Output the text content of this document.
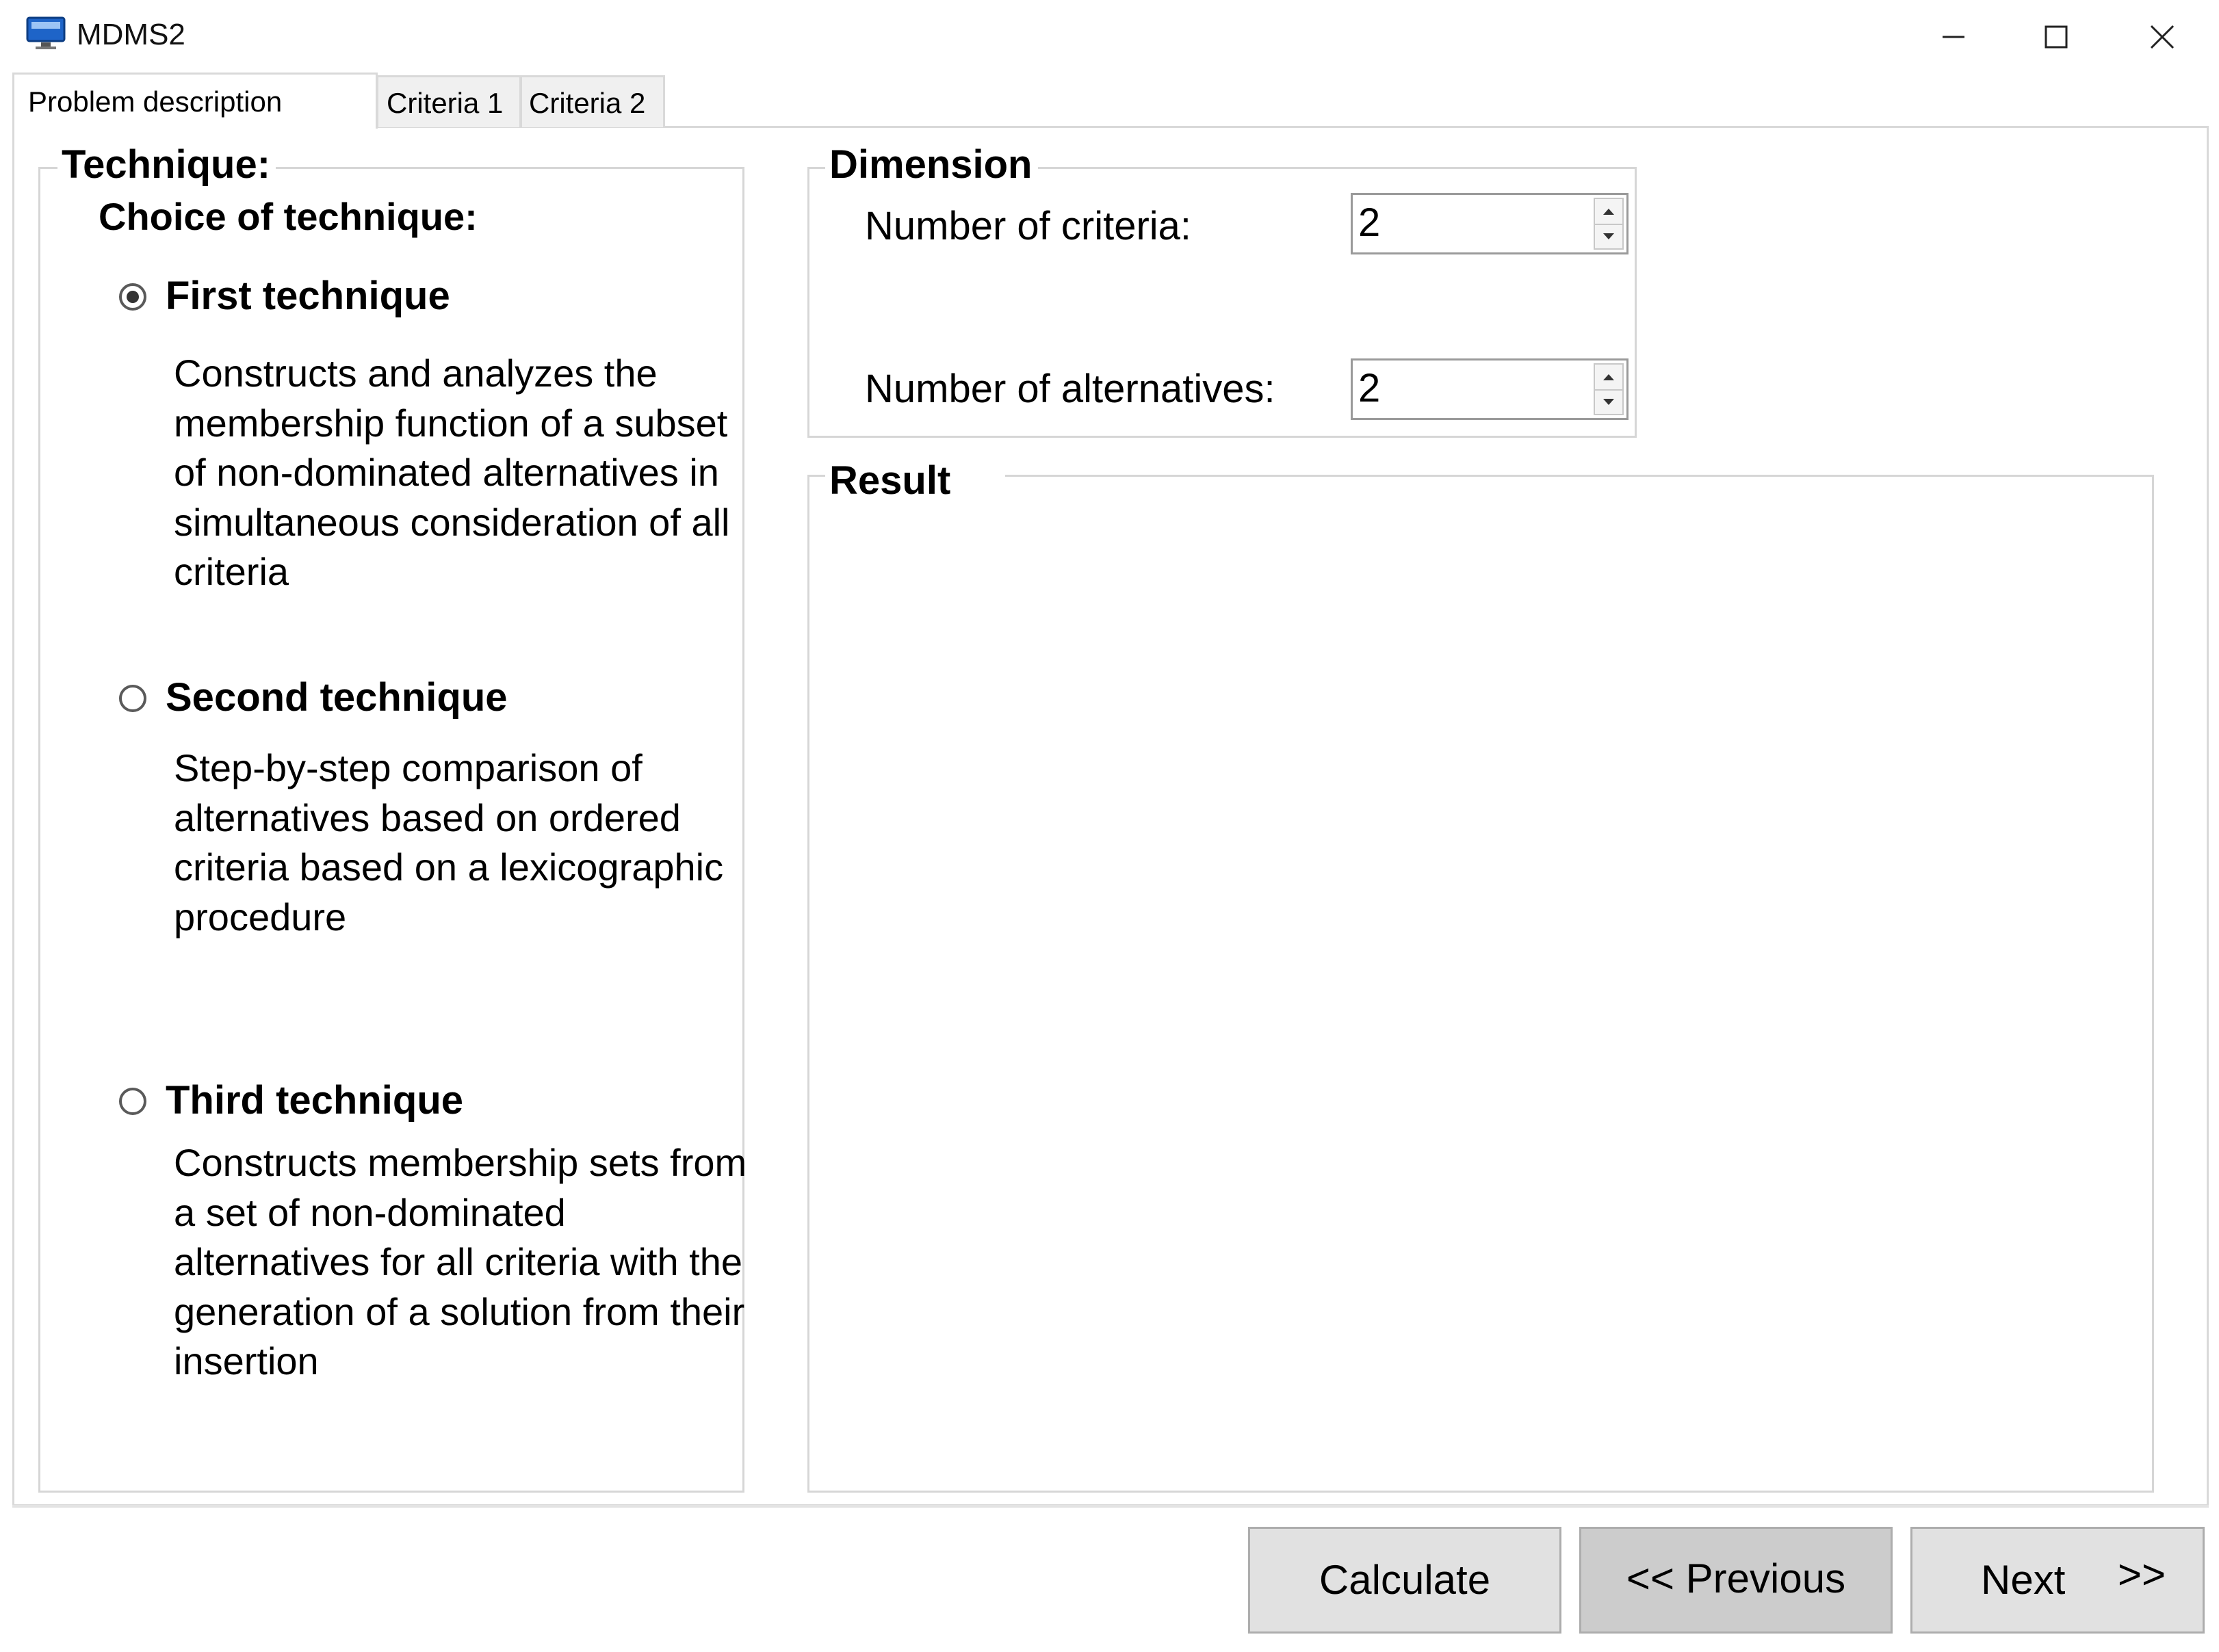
MDMS2
Problem description	Criteria 1 Criteria 2
Technique:
Choice of technique:
First technique
Constructs and analyzes the membership function of a subset of non-dominated alternatives in simultaneous consideration of all criteria
Second technique
Step-by-step comparison of alternatives based on ordered criteria based on a lexicographic procedure
Third technique
Constructs membership sets from a set of non-dominated alternatives for all criteria with the generation of a solution from their insertion
Dimension
Number of criteria:	2
Number of alternatives: 2
Result
Calculate	<< Previous	Next >>
